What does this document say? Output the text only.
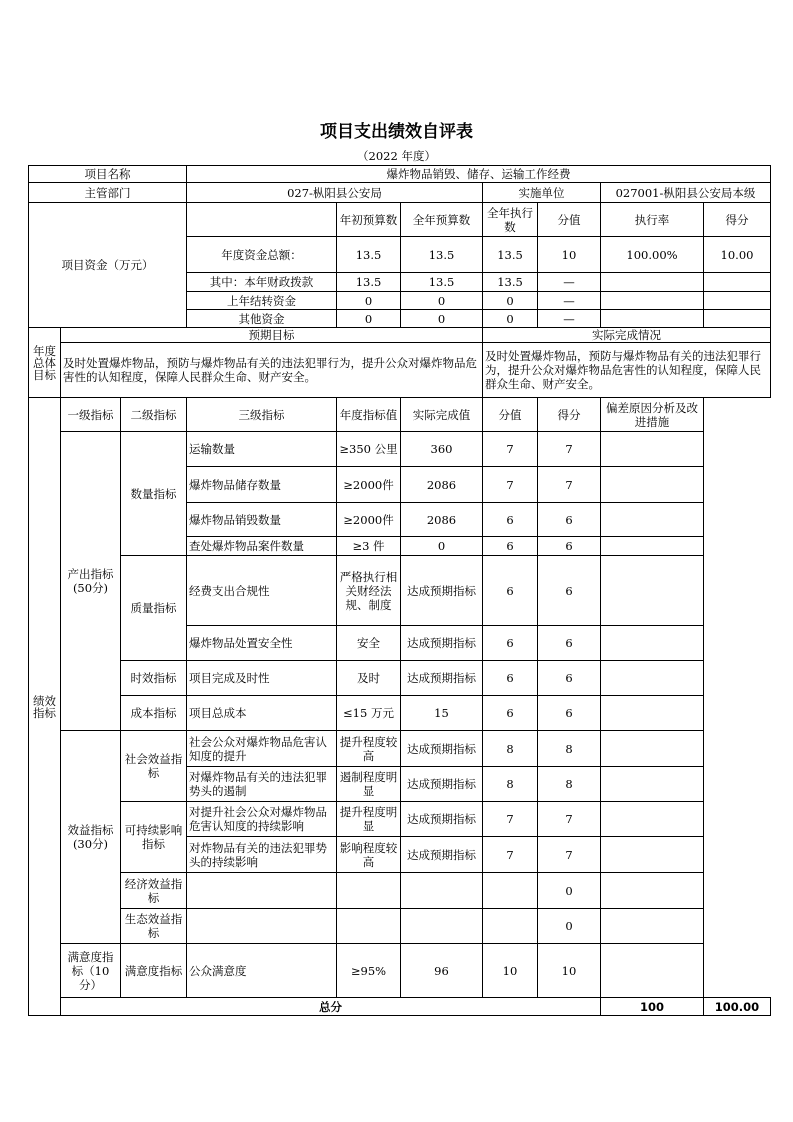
项目支出绩效自评表
（2022 年度）
项目名称			爆炸物品销毁、储存、运输工作经费							
主管部门			027-枞阳县公安局			实施单位		027001-枞阳县公安局本级		
项目资金（万元）				年初预算数	全年预算数	全年执行数	分值	执行率	得分	
			年度资金总额：	13.5	13.5	13.5	10	100.00%	10.00	
			其中：本年财政拨款	13.5	13.5	13.5	—			
			上年结转资金	0	0	0	—			
			其他资金	0	0	0	—			
年度总体目标	预期目标					实际完成情况				
	及时处置爆炸物品，预防与爆炸物品有关的违法犯罪行为，提升公众对爆炸物品危害性的认知程度，保障人民群众生命、财产安全。					及时处置爆炸物品，预防与爆炸物品有关的违法犯罪行为，提升公众对爆炸物品危害性的认知程度，保障人民群众生命、财产安全。				
绩效指标	一级指标	二级指标	三级指标	年度指标值	实际完成值	分值	得分	偏差原因分析及改进措施		
	产出指标(50分)	数量指标	运输数量	≥350 公里	360	7	7			
			爆炸物品储存数量	≥2000件	2086	7	7			
			爆炸物品销毁数量	≥2000件	2086	6	6			
			查处爆炸物品案件数量	≥3 件	0	6	6			
		质量指标	经费支出合规性	严格执行相关财经法规、制度	达成预期指标	6	6			
			爆炸物品处置安全性	安全	达成预期指标	6	6			
		时效指标	项目完成及时性	及时	达成预期指标	6	6			
		成本指标	项目总成本	≤15 万元	15	6	6			
	效益指标(30分)	社会效益指标	社会公众对爆炸物品危害认知度的提升	提升程度较高	达成预期指标	8	8			
			对爆炸物品有关的违法犯罪势头的遏制	遏制程度明显	达成预期指标	8	8			
		可持续影响指标	对提升社会公众对爆炸物品危害认知度的持续影响	提升程度明显	达成预期指标	7	7			
			对炸物品有关的违法犯罪势头的持续影响	影响程度较高	达成预期指标	7	7			
		经济效益指标					0			
		生态效益指标					0			
	满意度指标（10 分）	满意度指标	公众满意度	≥95%	96	10	10			
	总分							100	100.00	
